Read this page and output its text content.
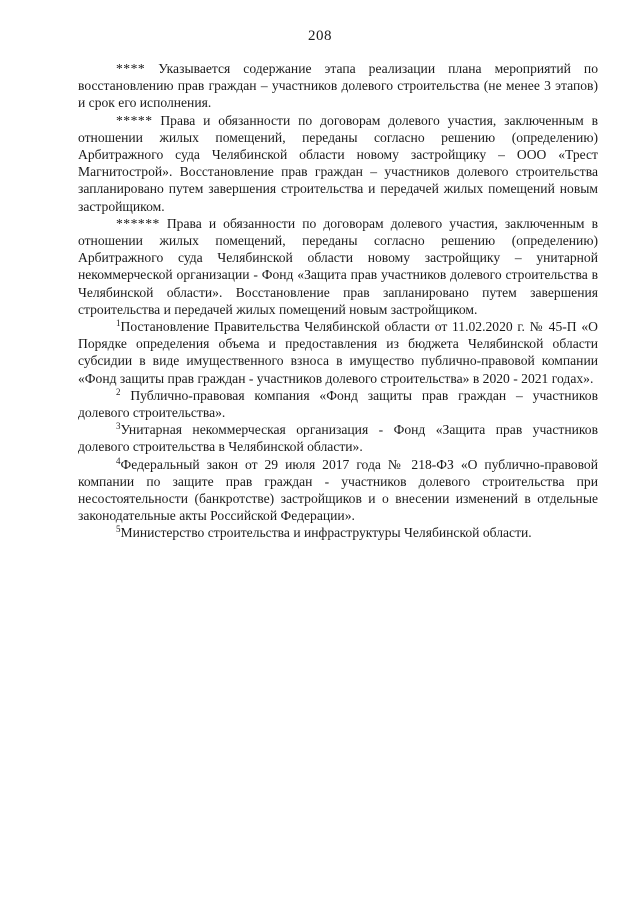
208

**** Указывается содержание этапа реализации плана мероприятий по восстановлению прав граждан – участников долевого строительства (не менее 3 этапов) и срок его исполнения.

***** Права и обязанности по договорам долевого участия, заключенным в отношении жилых помещений, переданы согласно решению (определению) Арбитражного суда Челябинской области новому застройщику – ООО «Трест Магнитострой». Восстановление прав граждан – участников долевого строительства запланировано путем завершения строительства и передачей жилых помещений новым застройщиком.

****** Права и обязанности по договорам долевого участия, заключенным в отношении жилых помещений, переданы согласно решению (определению) Арбитражного суда Челябинской области новому застройщику – унитарной некоммерческой организации - Фонд «Защита прав участников долевого строительства в Челябинской области». Восстановление прав запланировано путем завершения строительства и передачей жилых помещений новым застройщиком.

$^1$Постановление Правительства Челябинской области от 11.02.2020 г. № 45-П «О Порядке определения объема и предоставления из бюджета Челябинской области субсидии в виде имущественного взноса в имущество публично-правовой компании «Фонд защиты прав граждан - участников долевого строительства» в 2020 - 2021 годах».

$^2$ Публично-правовая компания «Фонд защиты прав граждан – участников долевого строительства».

$^3$Унитарная некоммерческая организация - Фонд «Защита прав участников долевого строительства в Челябинской области».

$^4$Федеральный закон от 29 июля 2017 года № 218-ФЗ «О публично-правовой компании по защите прав граждан - участников долевого строительства при несостоятельности (банкротстве) застройщиков и о внесении изменений в отдельные законодательные акты Российской Федерации».

$^5$Министерство строительства и инфраструктуры Челябинской области.
